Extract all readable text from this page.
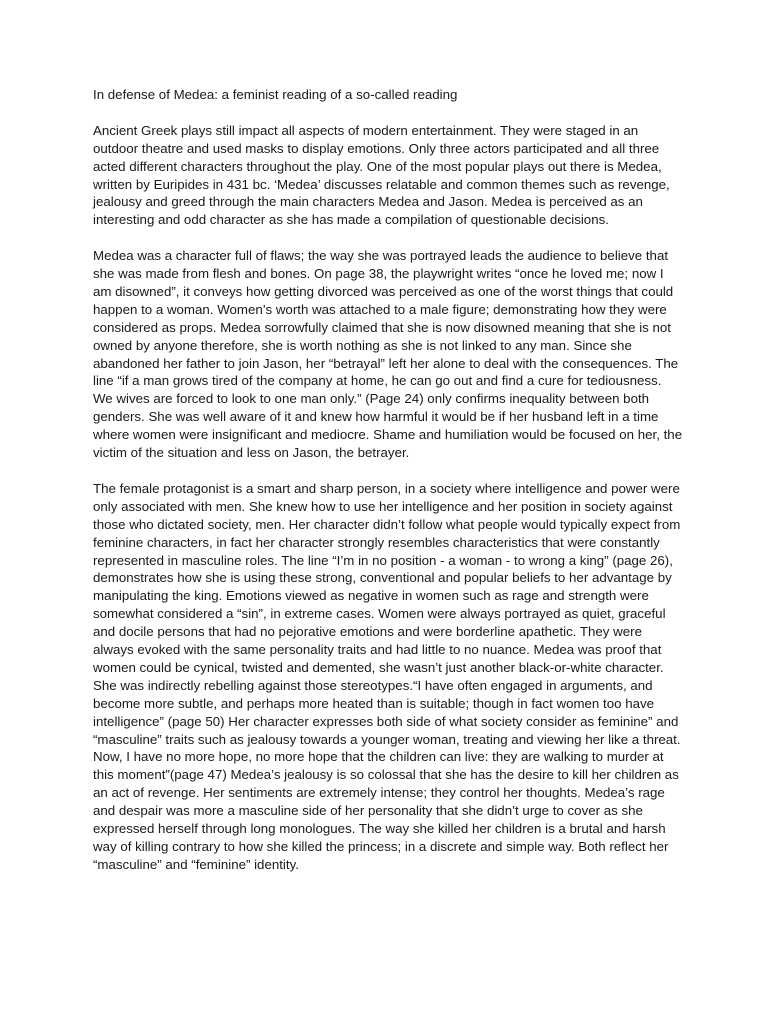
In defense of Medea: a feminist reading of a so-called reading

Ancient Greek plays still impact all aspects of modern entertainment. They were staged in an outdoor theatre and used masks to display emotions. Only three actors participated and all three acted different characters throughout the play. One of the most popular plays out there is Medea, written by Euripides in 431 bc. ‘Medea’ discusses relatable and common themes such as revenge, jealousy and greed through the main characters Medea and Jason. Medea is perceived as an interesting and odd character as she has made a compilation of questionable decisions.

Medea was a character full of flaws; the way she was portrayed leads the audience to believe that she was made from flesh and bones. On page 38, the playwright writes “once he loved me; now I am disowned”, it conveys how getting divorced was perceived as one of the worst things that could happen to a woman. Women’s worth was attached to a male figure; demonstrating how they were considered as props. Medea sorrowfully claimed that she is now disowned meaning that she is not owned by anyone therefore, she is worth nothing as she is not linked to any man. Since she abandoned her father to join Jason, her “betrayal” left her alone to deal with the consequences. The line “if a man grows tired of the company at home, he can go out and find a cure for tediousness. We wives are forced to look to one man only.” (Page 24) only confirms inequality between both genders. She was well aware of it and knew how harmful it would be if her husband left in a time where women were insignificant and mediocre. Shame and humiliation would be focused on her, the victim of the situation and less on Jason, the betrayer.

The female protagonist is a smart and sharp person, in a society where intelligence and power were only associated with men. She knew how to use her intelligence and her position in society against those who dictated society, men. Her character didn’t follow what people would typically expect from feminine characters, in fact her character strongly resembles characteristics that were constantly represented in masculine roles. The line “I’m in no position - a woman - to wrong a king” (page 26), demonstrates how she is using these strong, conventional and popular beliefs to her advantage by manipulating the king. Emotions viewed as negative in women such as rage and strength were somewhat considered a “sin”, in extreme cases. Women were always portrayed as quiet, graceful and docile persons that had no pejorative emotions and were borderline apathetic. They were always evoked with the same personality traits and had little to no nuance. Medea was proof that women could be cynical, twisted and demented, she wasn’t just another black-or-white character. She was indirectly rebelling against those stereotypes.“I have often engaged in arguments, and become more subtle, and perhaps more heated than is suitable; though in fact women too have intelligence” (page 50) Her character expresses both side of what society consider as feminine” and “masculine” traits such as jealousy towards a younger woman, treating and viewing her like a threat.

Now, I have no more hope, no more hope that the children can live: they are walking to murder at this moment”(page 47) Medea’s jealousy is so colossal that she has the desire to kill her children as an act of revenge. Her sentiments are extremely intense; they control her thoughts. Medea’s rage and despair was more a masculine side of her personality that she didn’t urge to cover as she expressed herself through long monologues. The way she killed her children is a brutal and harsh way of killing contrary to how she killed the princess; in a discrete and simple way. Both reflect her “masculine” and “feminine” identity.
